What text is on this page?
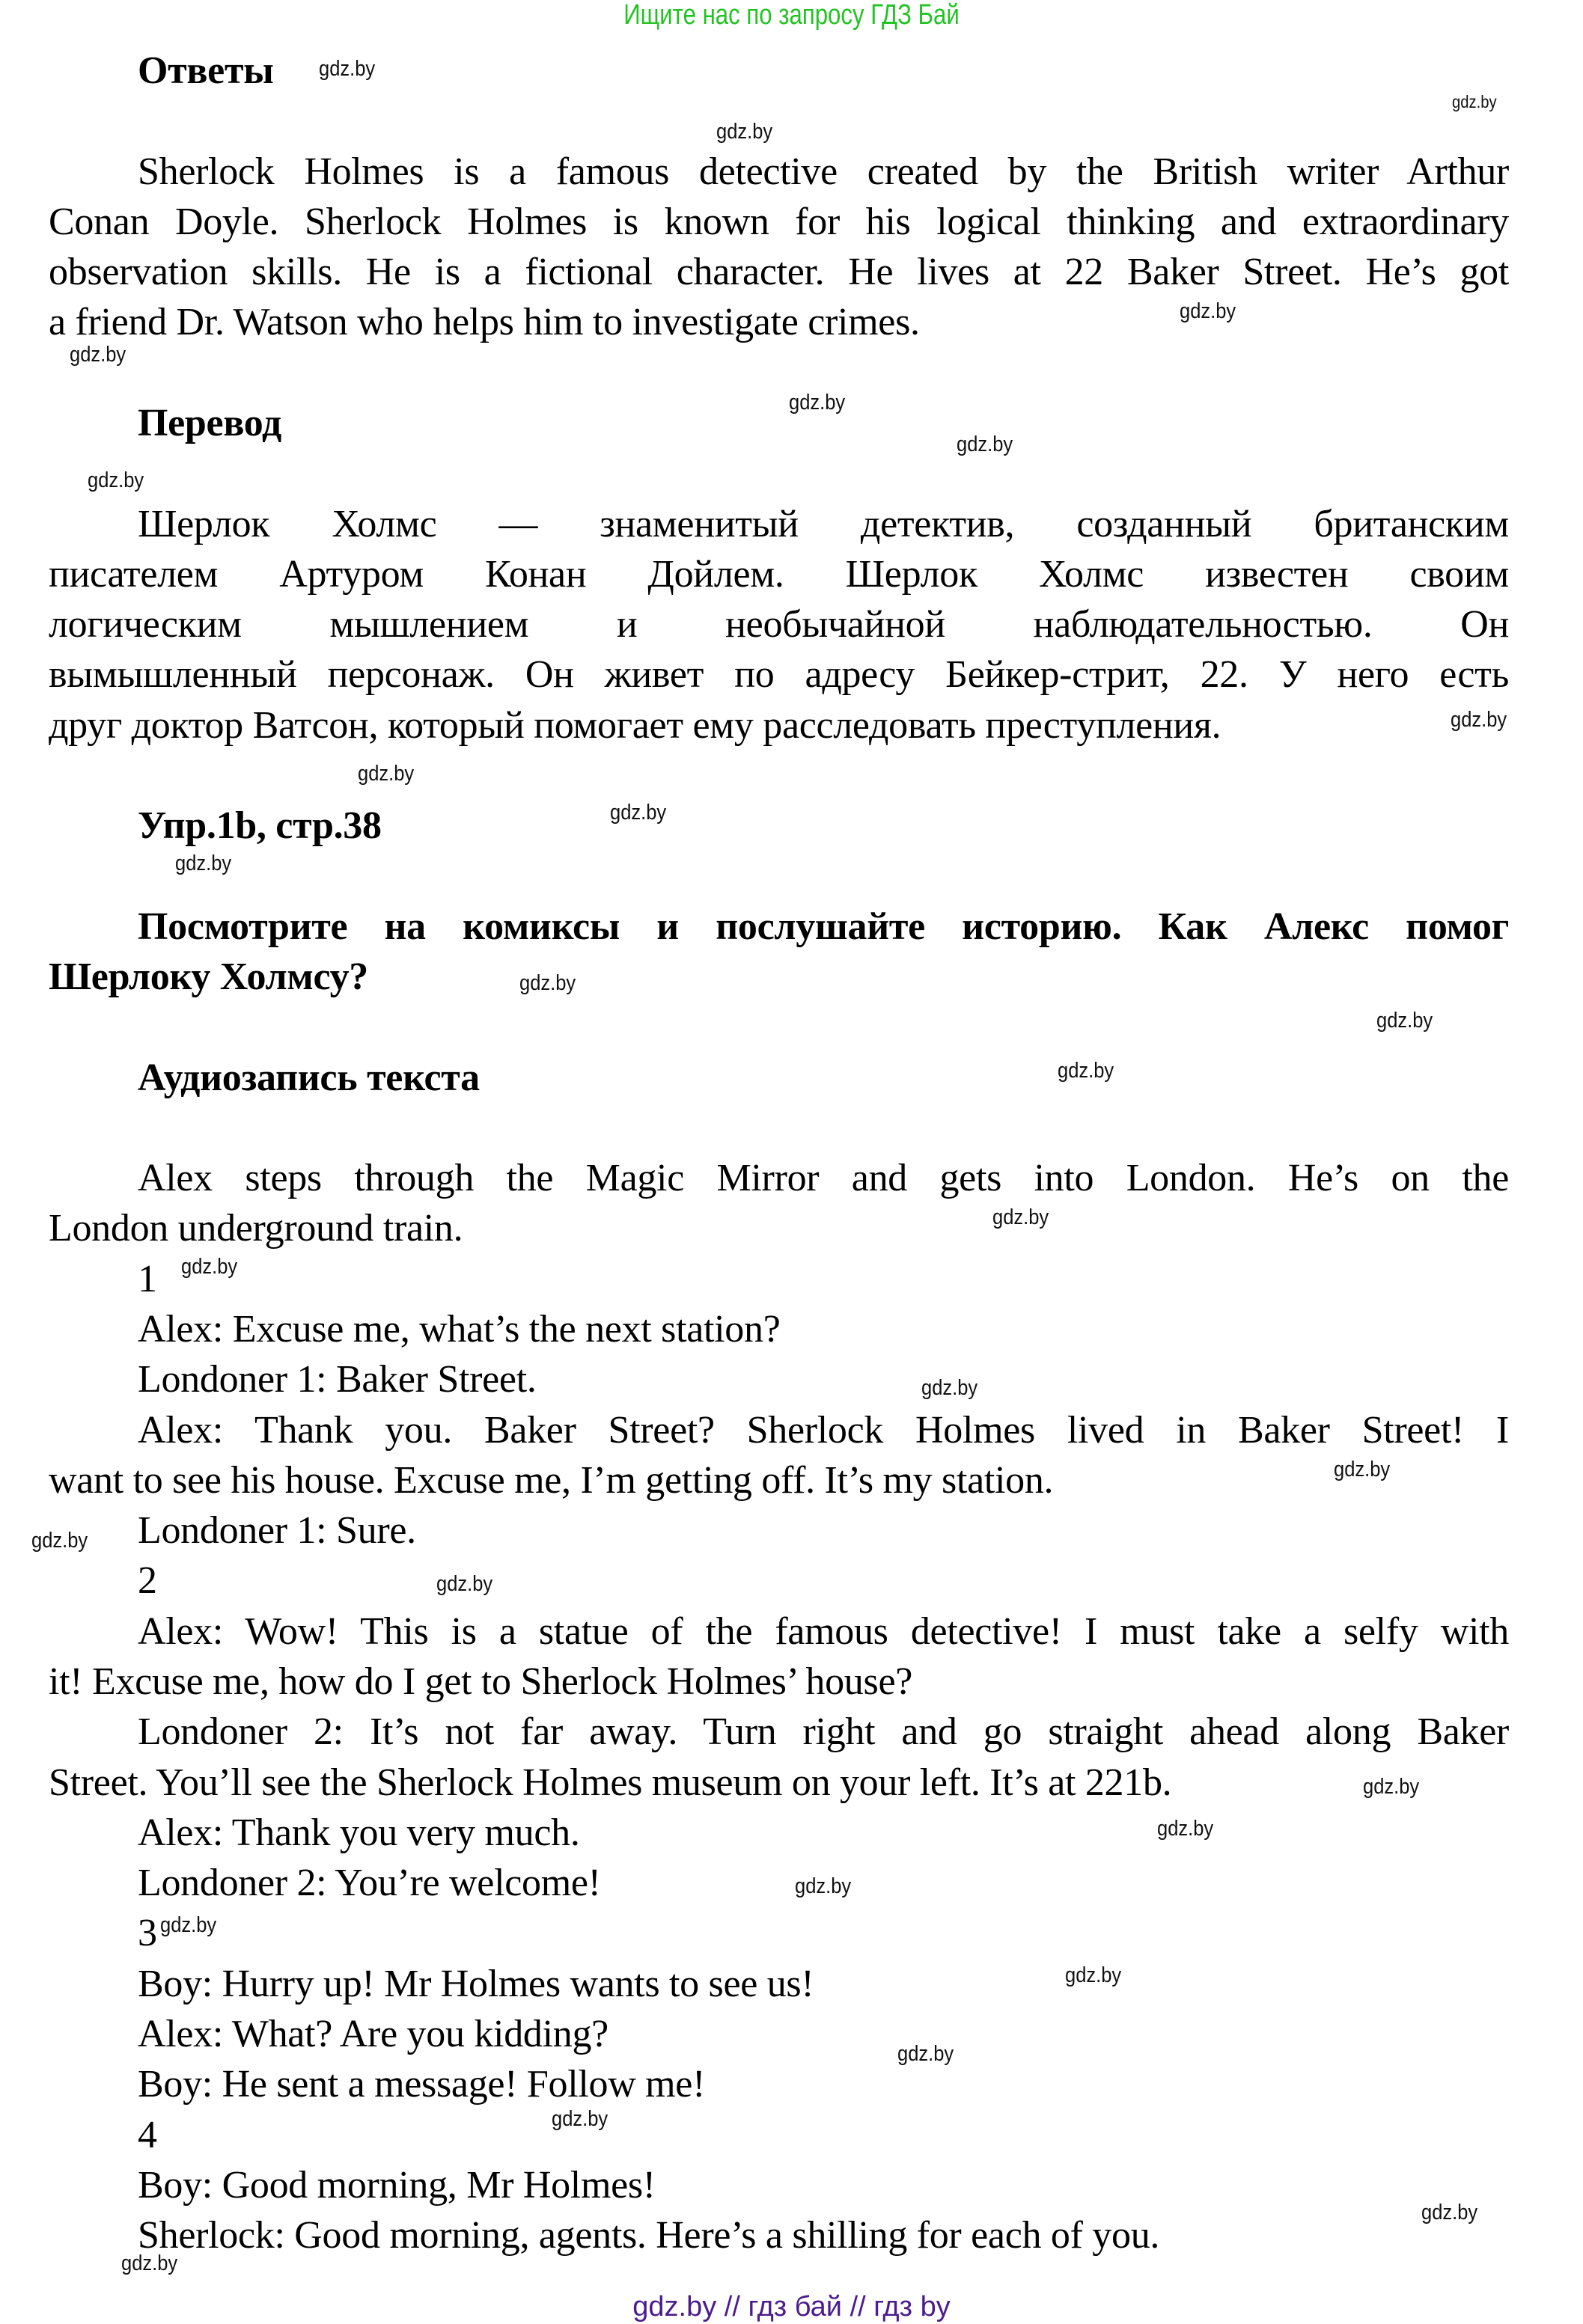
Ищите нас по запросу ГДЗ Бай
Ответы
Sherlock Holmes is a famous detective created by the British writer Arthur
Conan Doyle. Sherlock Holmes is known for his logical thinking and extraordinary
observation skills. He is a fictional character. He lives at 22 Baker Street. He’s got
a friend Dr. Watson who helps him to investigate crimes.
Перевод
Шерлок Холмс — знаменитый детектив, созданный британским
писателем Артуром Конан Дойлем. Шерлок Холмс известен своим
логическим мышлением и необычайной наблюдательностью. Он
вымышленный персонаж. Он живет по адресу Бейкер-стрит, 22. У него есть
друг доктор Ватсон, который помогает ему расследовать преступления.
Упр.1b, стр.38
Посмотрите на комиксы и послушайте историю. Как Алекс помог
Шерлоку Холмсу?
Аудиозапись текста
Alex steps through the Magic Mirror and gets into London. He’s on the
London underground train.
1
Alex: Excuse me, what’s the next station?
Londoner 1: Baker Street.
Alex: Thank you. Baker Street? Sherlock Holmes lived in Baker Street! I
want to see his house. Excuse me, I’m getting off. It’s my station.
Londoner 1: Sure.
2
Alex: Wow! This is a statue of the famous detective! I must take a selfy with
it! Excuse me, how do I get to Sherlock Holmes’ house?
Londoner 2: It’s not far away. Turn right and go straight ahead along Baker
Street. You’ll see the Sherlock Holmes museum on your left. It’s at 221b.
Alex: Thank you very much.
Londoner 2: You’re welcome!
3
Boy: Hurry up! Mr Holmes wants to see us!
Alex: What? Are you kidding?
Boy: He sent a message! Follow me!
4
Boy: Good morning, Mr Holmes!
Sherlock: Good morning, agents. Here’s a shilling for each of you.
gdz.by
gdz.by
gdz.by
gdz.by
gdz.by
gdz.by
gdz.by
gdz.by
gdz.by
gdz.by
gdz.by
gdz.by
gdz.by
gdz.by
gdz.by
gdz.by
gdz.by
gdz.by
gdz.by
gdz.by
gdz.by
gdz.by
gdz.by
gdz.by
gdz.by
gdz.by
gdz.by
gdz.by
gdz.by
gdz.by
gdz.by // гдз бай // гдз by
